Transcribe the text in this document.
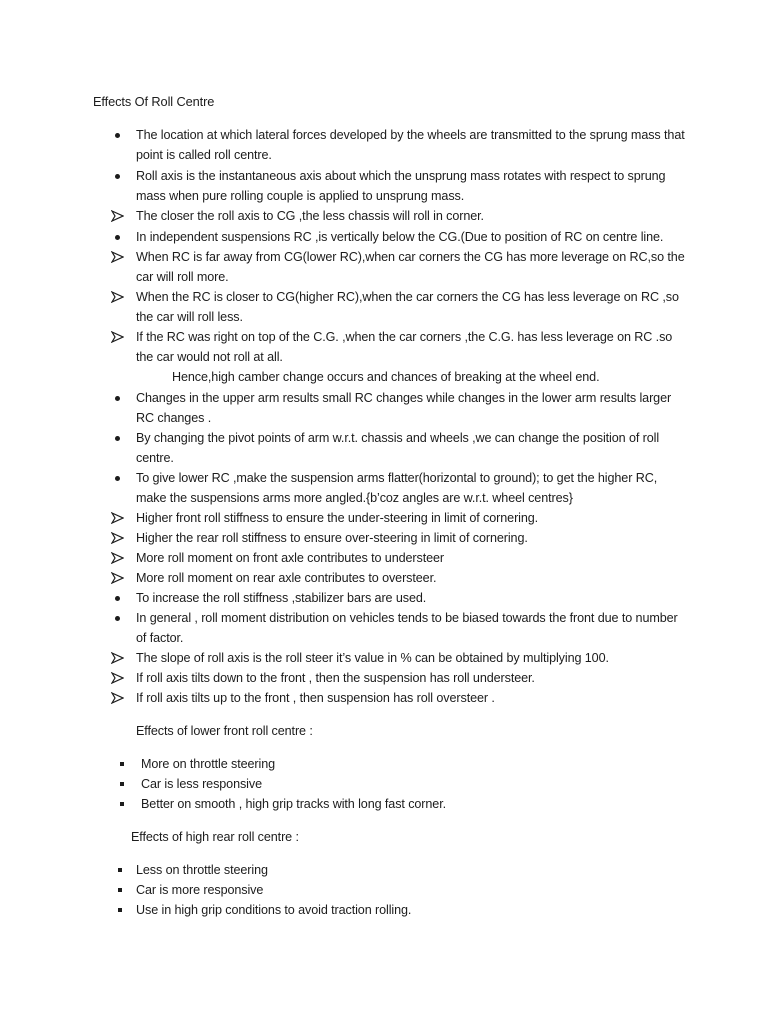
Effects Of Roll Centre
The location at which lateral forces developed by the wheels are transmitted to the sprung mass that point is called roll centre.
Roll axis is the instantaneous axis about which the unsprung mass rotates with respect to sprung mass when pure rolling couple is applied to unsprung mass.
The closer the roll axis to CG ,the less chassis will roll in corner.
In independent suspensions RC ,is vertically below the CG.(Due to position of RC on centre line.
When RC is far away from CG(lower RC),when car corners the CG has more leverage on RC,so the car will roll more.
When the RC is closer to CG(higher RC),when the car corners the CG has less leverage on RC ,so the car will roll less.
If the RC was right on top of the C.G. ,when the car corners ,the C.G. has less leverage on RC .so the car would not roll at all.
Hence,high camber change occurs and chances of breaking at the wheel end.
Changes in the upper arm results small RC changes while changes in the lower arm results larger RC changes .
By changing the pivot points of arm w.r.t. chassis and wheels ,we can change the position of roll centre.
To give lower RC ,make the suspension arms flatter(horizontal to ground); to get the higher RC, make the suspensions arms more angled.{b’coz angles are w.r.t. wheel centres}
Higher front roll stiffness to ensure the under-steering in limit of cornering.
Higher the rear roll stiffness to ensure over-steering in limit of cornering.
More roll moment on front axle contributes to understeer
More roll moment on rear axle contributes to oversteer.
To increase the roll stiffness ,stabilizer bars are used.
In general , roll moment distribution on vehicles tends to be biased towards the front due to number of factor.
The slope of roll axis is the roll steer it’s value in % can be obtained by multiplying 100.
If roll axis tilts down to the front , then the suspension has roll understeer.
If roll axis tilts up to the front , then suspension has roll oversteer .
Effects of lower front roll centre :
More on throttle steering
Car is less responsive
Better on smooth , high grip tracks with long fast corner.
Effects of high rear roll centre :
Less on throttle steering
Car is more responsive
Use in high grip conditions to avoid traction rolling.
